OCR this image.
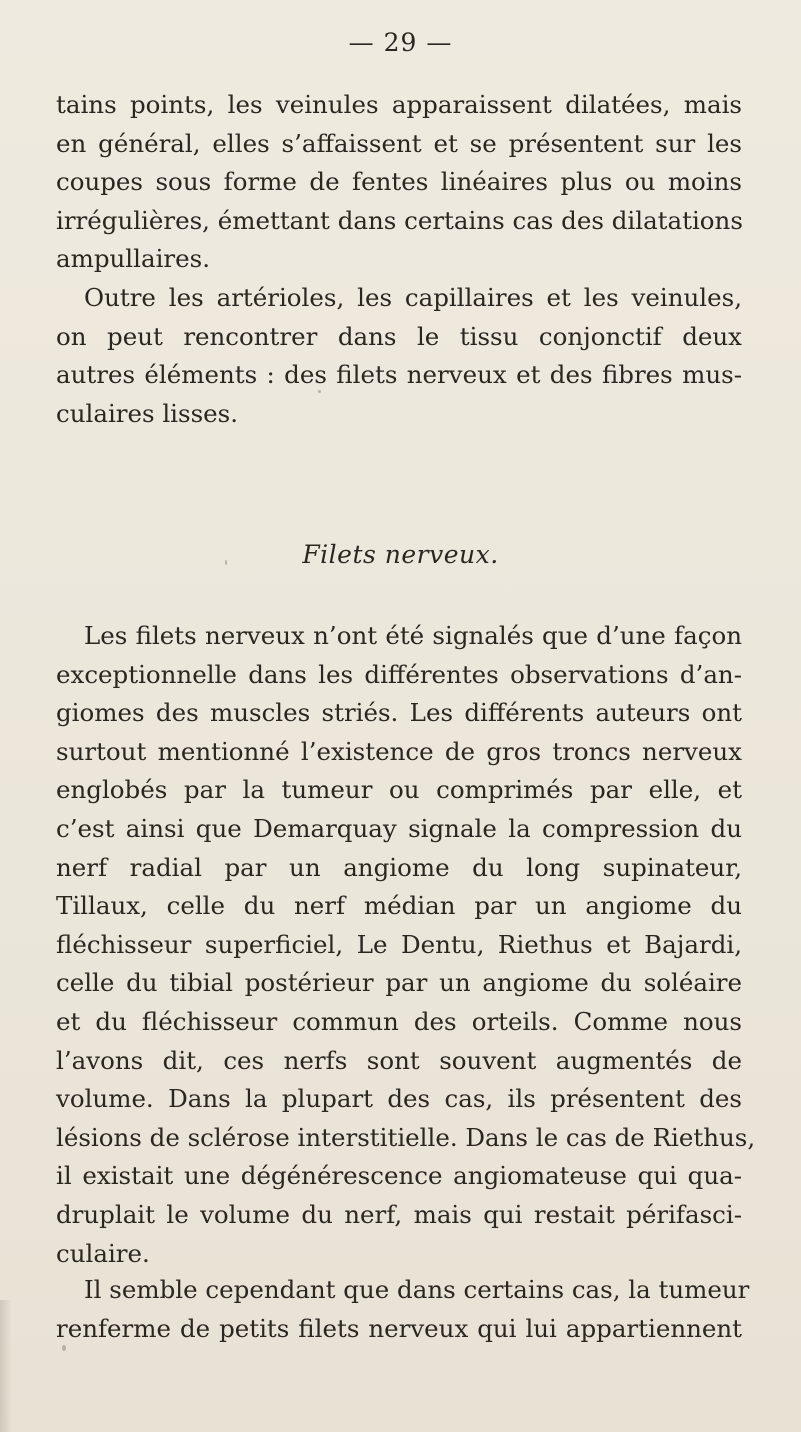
— 29 —
tains points, les veinules apparaissent dilatées, mais
en général, elles s’affaissent et se présentent sur les
coupes sous forme de fentes linéaires plus ou moins
irrégulières, émettant dans certains cas des dilatations
ampullaires.
Outre les artérioles, les capillaires et les veinules,
on peut rencontrer dans le tissu conjonctif deux
autres éléments : des filets nerveux et des fibres mus-
culaires lisses.
Filets nerveux.
Les filets nerveux n’ont été signalés que d’une façon
exceptionnelle dans les différentes observations d’an-
giomes des muscles striés. Les différents auteurs ont
surtout mentionné l’existence de gros troncs nerveux
englobés par la tumeur ou comprimés par elle, et
c’est ainsi que Demarquay signale la compression du
nerf radial par un angiome du long supinateur,
Tillaux, celle du nerf médian par un angiome du
fléchisseur superficiel, Le Dentu, Riethus et Bajardi,
celle du tibial postérieur par un angiome du soléaire
et du fléchisseur commun des orteils. Comme nous
l’avons dit, ces nerfs sont souvent augmentés de
volume. Dans la plupart des cas, ils présentent des
lésions de sclérose interstitielle. Dans le cas de Riethus,
il existait une dégénérescence angiomateuse qui qua-
druplait le volume du nerf, mais qui restait périfasci-
culaire.
Il semble cependant que dans certains cas, la tumeur
renferme de petits filets nerveux qui lui appartiennent
